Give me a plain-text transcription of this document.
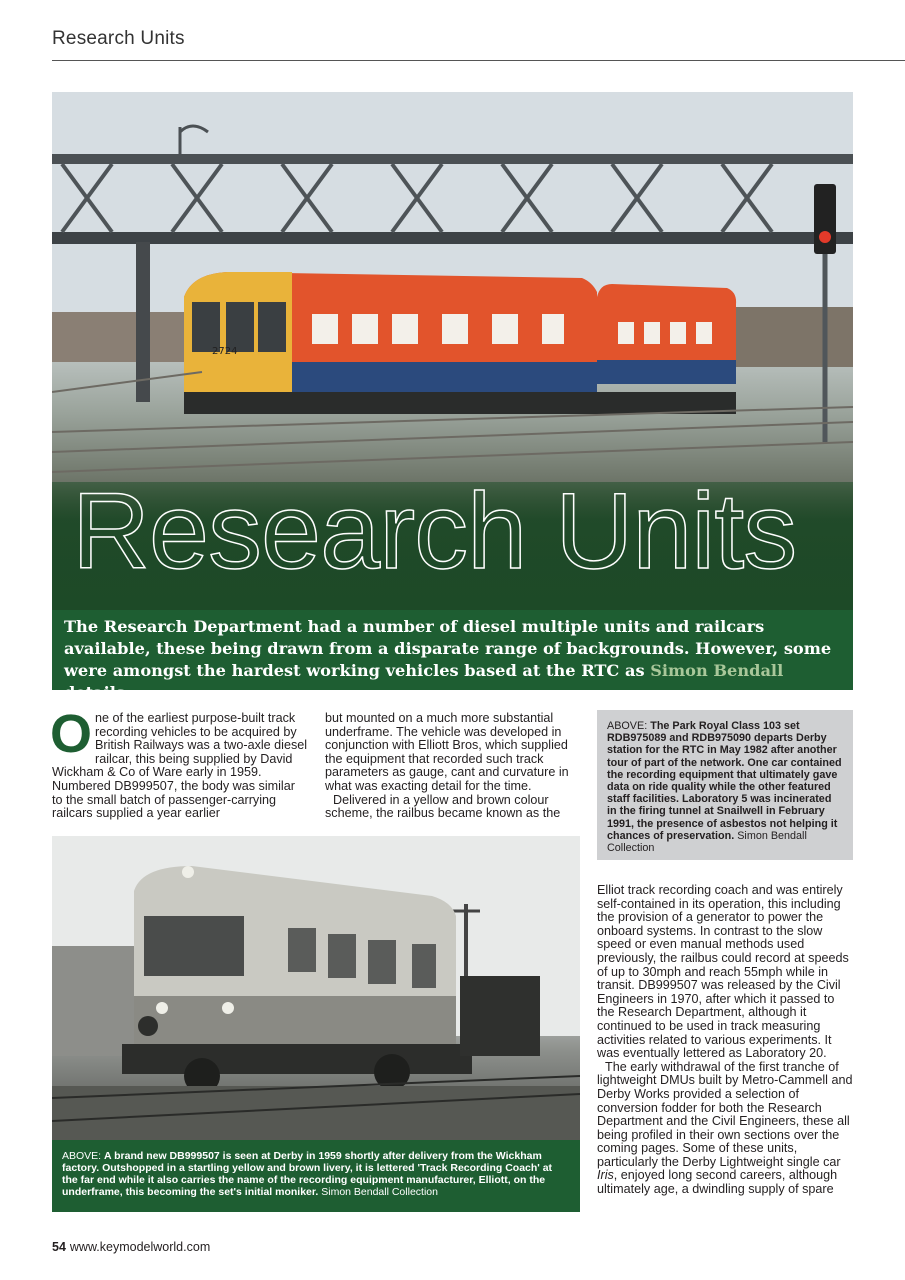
Research Units
2724
Research Units
The Research Department had a number of diesel multiple units and railcars available, these being drawn from a disparate range of backgrounds. However, some were amongst the hardest working vehicles based at the RTC as Simon Bendall details.

One of the earliest purpose-built track recording vehicles to be acquired by British Railways was a two-axle diesel railcar, this being supplied by David Wickham & Co of Ware early in 1959. Numbered DB999507, the body was similar to the small batch of passenger-carrying railcars supplied a year earlier

but mounted on a much more substantial underframe. The vehicle was developed in conjunction with Elliott Bros, which supplied the equipment that recorded such track parameters as gauge, cant and curvature in what was exacting detail for the time.

Delivered in a yellow and brown colour scheme, the railbus became known as the

ABOVE: The Park Royal Class 103 set RDB975089 and RDB975090 departs Derby station for the RTC in May 1982 after another tour of part of the network. One car contained the recording equipment that ultimately gave data on ride quality while the other featured staff facilities. Laboratory 5 was incinerated in the firing tunnel at Snailwell in February 1991, the presence of asbestos not helping it chances of preservation. Simon Bendall Collection
ABOVE: A brand new DB999507 is seen at Derby in 1959 shortly after delivery from the Wickham factory. Outshopped in a startling yellow and brown livery, it is lettered 'Track Recording Coach' at the far end while it also carries the name of the recording equipment manufacturer, Elliott, on the underframe, this becoming the set's initial moniker. Simon Bendall Collection

Elliot track recording coach and was entirely self-contained in its operation, this including the provision of a generator to power the onboard systems. In contrast to the slow speed or even manual methods used previously, the railbus could record at speeds of up to 30mph and reach 55mph while in transit. DB999507 was released by the Civil Engineers in 1970, after which it passed to the Research Department, although it continued to be used in track measuring activities related to various experiments. It was eventually lettered as Laboratory 20.

The early withdrawal of the first tranche of lightweight DMUs built by Metro-Cammell and Derby Works provided a selection of conversion fodder for both the Research Department and the Civil Engineers, these all being profiled in their own sections over the coming pages. Some of these units, particularly the Derby Lightweight single car Iris, enjoyed long second careers, although ultimately age, a dwindling supply of spare

54 www.keymodelworld.com
